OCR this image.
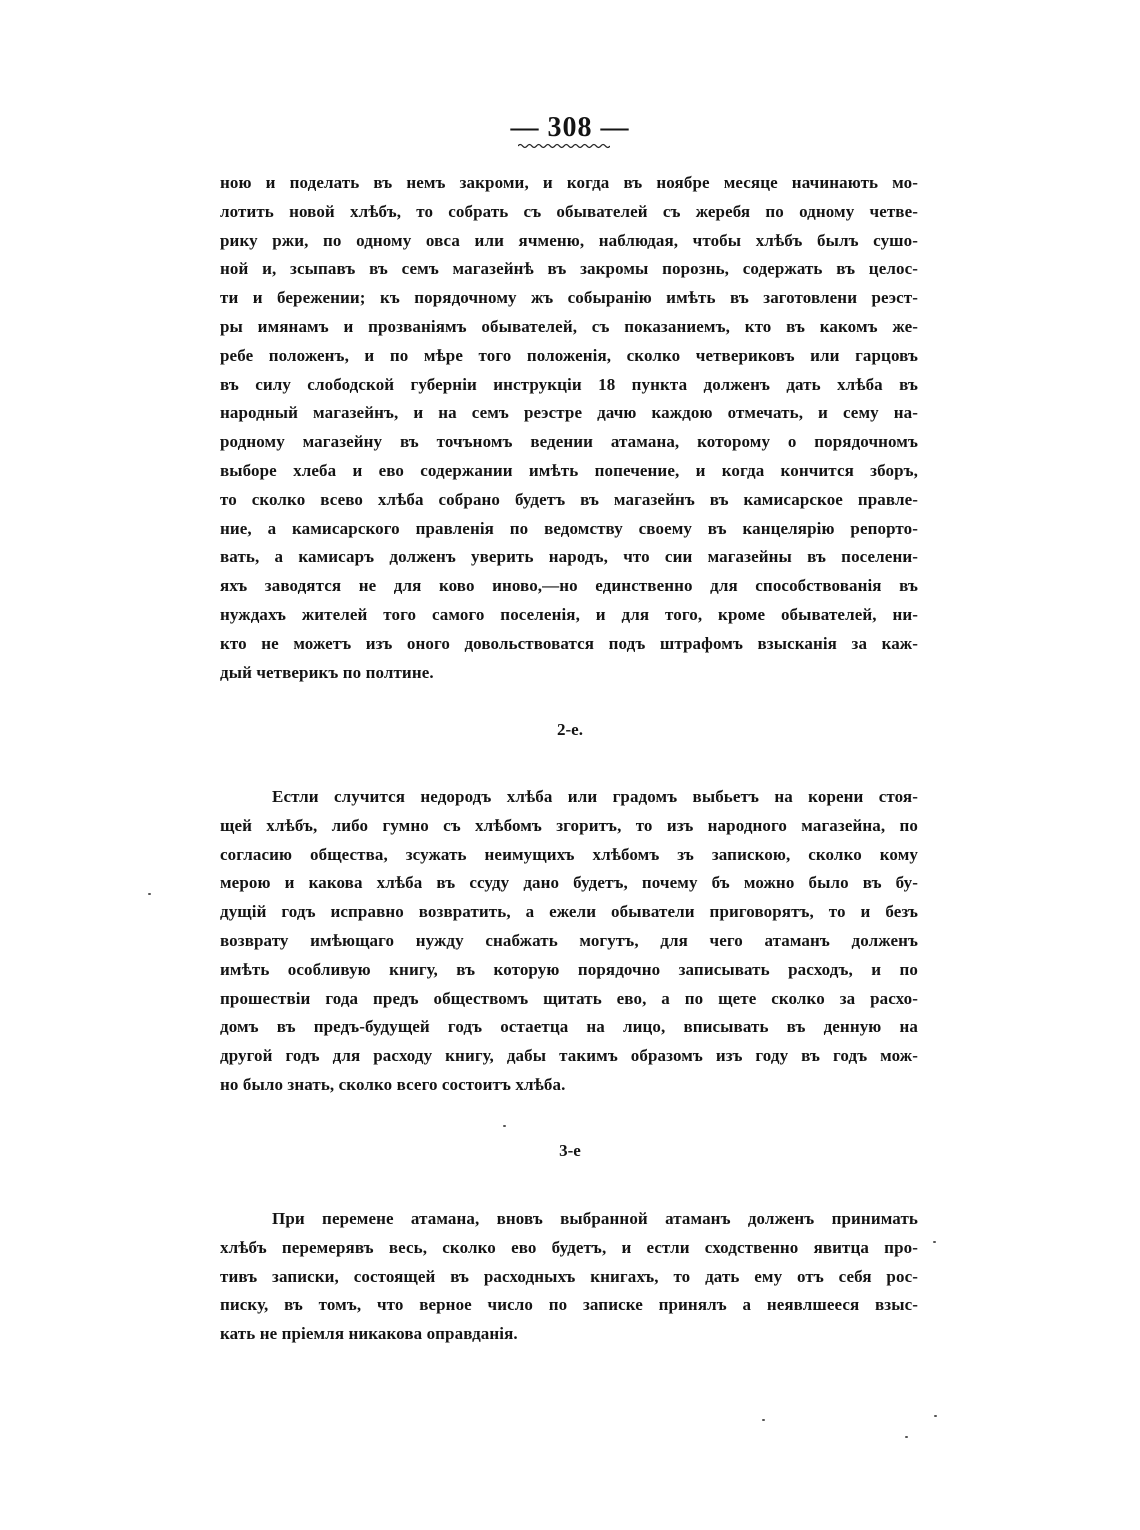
— 308 —
ною и поделать въ немъ закроми, и когда въ ноябре месяце начинають мо-
лотить новой хлѣбъ, то собрать съ обывателей съ жеребя по одному четве-
рику ржи, по одному овса или ячменю, наблюдая, чтобы хлѣбъ былъ сушо-
ной и, зсыпавъ въ семъ магазейнѣ въ закромы порознь, содержать въ целос-
ти и бережении; къ порядочному жъ собыранію имѣть въ заготовлени реэст-
ры имянамъ и прозваніямъ обывателей, съ показаниемъ, кто въ какомъ же-
ребе положенъ, и по мѣре того положенія, сколко четвериковъ или гарцовъ
въ силу слободской губерніи инструкціи 18 пункта долженъ дать хлѣба въ
народный магазейнъ, и на семъ реэстре дачю каждою отмечать, и сему на-
родному магазейну въ точъномъ ведении атамана, которому о порядочномъ
выборе хлеба и ево содержании имѣть попечение, и когда кончится зборъ,
то сколко всево хлѣба собрано будетъ въ магазейнъ въ камисарское правле-
ние, а камисарского правленія по ведомству своему въ канцелярію репорто-
вать, а камисаръ долженъ уверить народъ, что сии магазейны въ поселени-
яхъ заводятся не для ково иново,—но единственно для способствованія въ
нуждахъ жителей того самого поселенія, и для того, кроме обывателей, ни-
кто не можетъ изъ оного довольствоватся подъ штрафомъ взысканія за каж-
дый четверикъ по полтине.
2-е.
Естли случится недородъ хлѣба или градомъ выбьетъ на корени стоя-
щей хлѣбъ, либо гумно съ хлѣбомъ згоритъ, то изъ народного магазейна, по
согласию общества, зсужать неимущихъ хлѣбомъ зъ запискою, сколко кому
мерою и какова хлѣба въ ссуду дано будетъ, почему бъ можно было въ бу-
дущій годъ исправно возвратить, а ежели обыватели приговорятъ, то и безъ
возврату имѣющаго нужду снабжать могутъ, для чего атаманъ долженъ
имѣть особливую книгу, въ которую порядочно записывать расходъ, и по
прошествіи года предъ обществомъ щитать ево, а по щете сколко за расхо-
домъ въ предъ-будущей годъ остаетца на лицо, вписывать въ денную на
другой годъ для расходу книгу, дабы такимъ образомъ изъ году въ годъ мож-
но было знать, сколко всего состоитъ хлѣба.
3-е
При перемене атамана, вновъ выбранной атаманъ долженъ принимать
хлѣбъ перемерявъ весь, сколко ево будетъ, и естли сходственно явитца про-
тивъ записки, состоящей въ расходныхъ книгахъ, то дать ему отъ себя рос-
писку, въ томъ, что верное число по записке принялъ а неявлшееся взыс-
кать не пріемля никакова оправданія.
